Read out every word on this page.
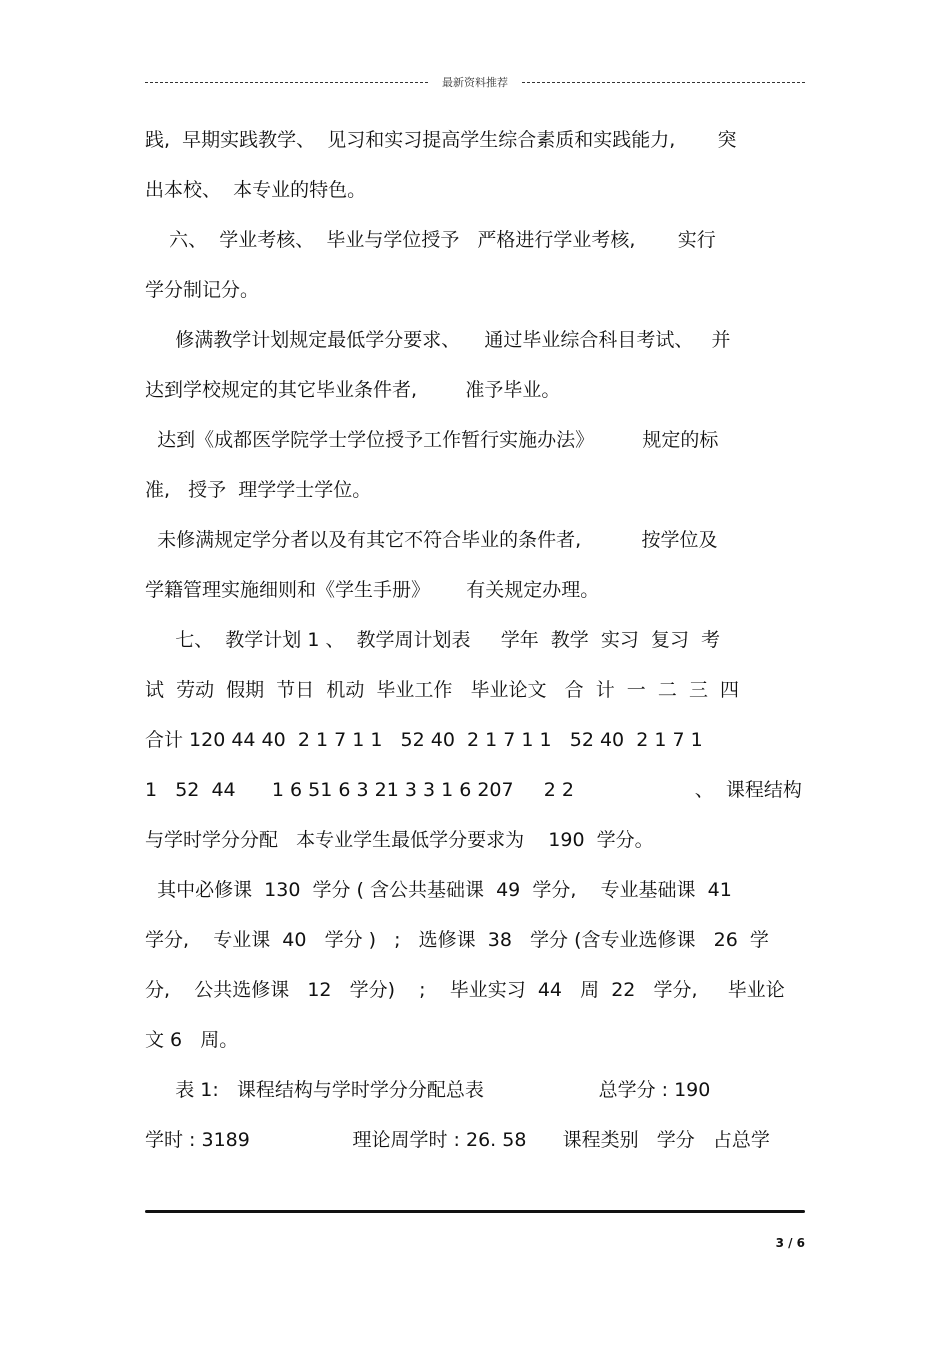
最新资料推荐
践,  早期实践教学、  见习和实习提高学生综合素质和实践能力,       突
出本校、  本专业的特色。
六、  学业考核、  毕业与学位授予   严格进行学业考核,       实行
学分制记分。
修满教学计划规定最低学分要求、    通过毕业综合科目考试、   并
达到学校规定的其它毕业条件者,        准予毕业。
达到《成都医学院学士学位授予工作暂行实施办法》        规定的标
准,   授予  理学学士学位。
未修满规定学分者以及有其它不符合毕业的条件者,          按学位及
学籍管理实施细则和《学生手册》      有关规定办理。
七、  教学计划 1 、  教学周计划表     学年  教学  实习  复习  考
试  劳动  假期  节日  机动  毕业工作   毕业论文   合  计  一  二  三  四
合计 120 44 40  2 1 7 1 1   52 40  2 1 7 1 1   52 40  2 1 7 1
1   52  44      1 6 51 6 3 21 3 3 1 6 207     2 2                    、  课程结构
与学时学分分配   本专业学生最低学分要求为    190  学分。
其中必修课  130  学分 ( 含公共基础课  49  学分,    专业基础课  41
学分,    专业课  40   学分 )   ;   选修课  38   学分 (含专业选修课   26  学
分,    公共选修课   12   学分)    ;    毕业实习  44   周  22   学分,     毕业论
文 6   周。
表 1:   课程结构与学时学分分配总表                   总学分 : 190
学时 : 3189                 理论周学时 : 26. 58      课程类别   学分   占总学
3 / 6
